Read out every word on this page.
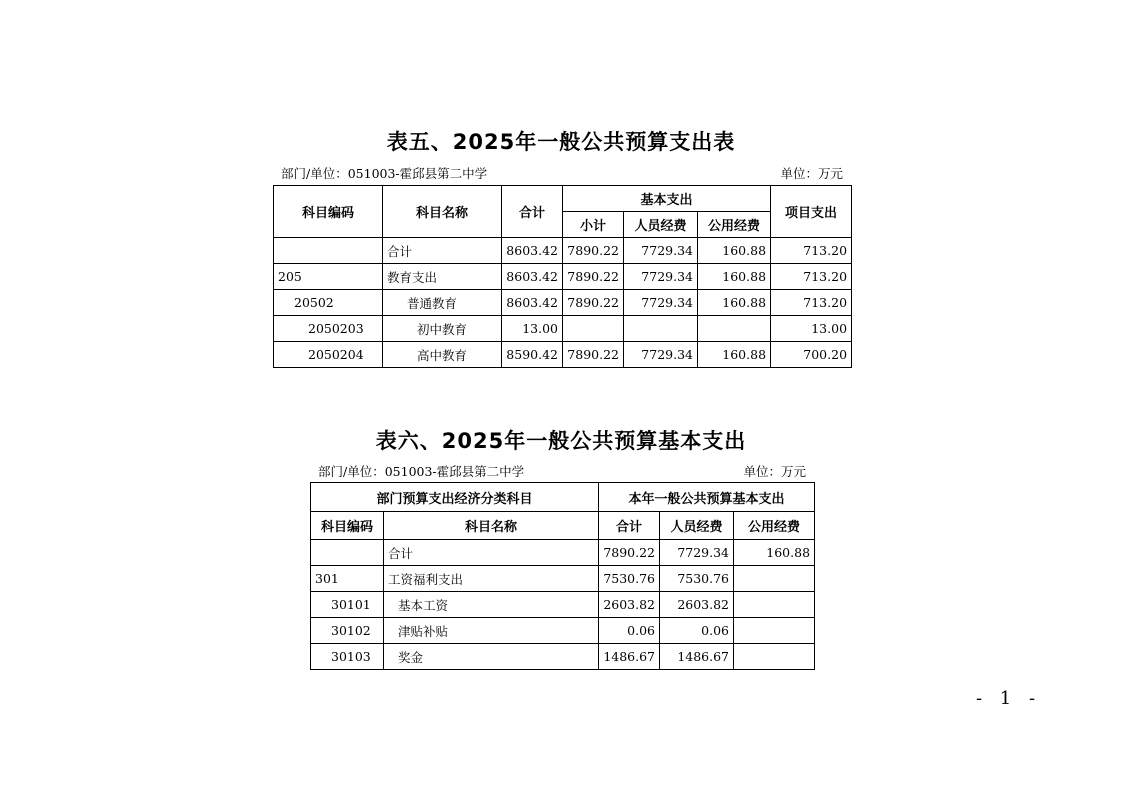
表五、2025年一般公共预算支出表
部门/单位：051003-霍邱县第二中学	单位：万元
科目编码	科目名称	合计	基本支出			项目支出
			小计	人员经费	公用经费	
	合计	8603.42	7890.22	7729.34	160.88	713.20
205	教育支出	8603.42	7890.22	7729.34	160.88	713.20
20502	普通教育	8603.42	7890.22	7729.34	160.88	713.20
2050203	初中教育	13.00				13.00
2050204	高中教育	8590.42	7890.22	7729.34	160.88	700.20
表六、2025年一般公共预算基本支出
部门/单位：051003-霍邱县第二中学	单位：万元
部门预算支出经济分类科目		本年一般公共预算基本支出		
科目编码	科目名称	合计	人员经费	公用经费
	合计	7890.22	7729.34	160.88
301	工资福利支出	7530.76	7530.76	
30101	基本工资	2603.82	2603.82	
30102	津贴补贴	0.06	0.06	
30103	奖金	1486.67	1486.67	
- 1 -
